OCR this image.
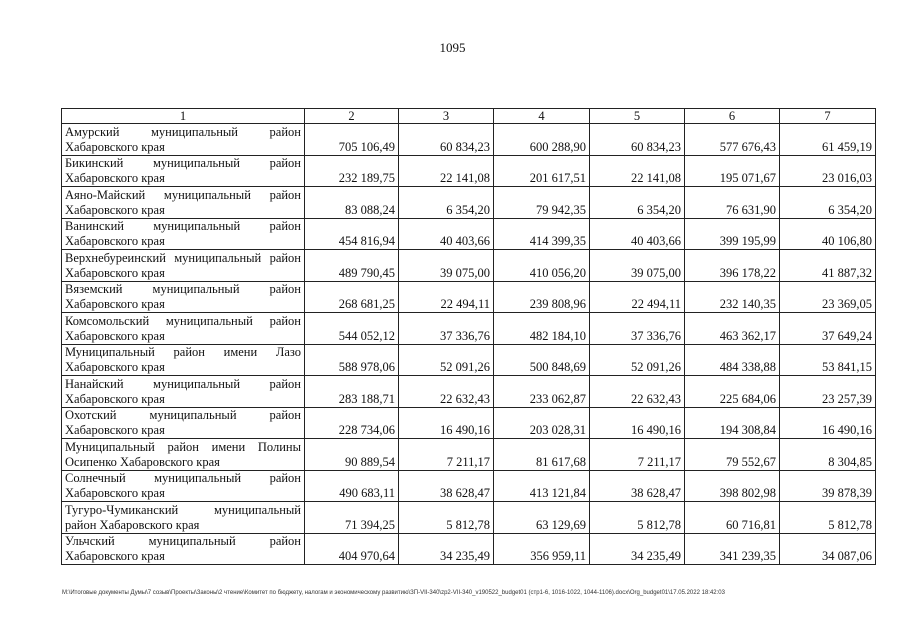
1095
1	2	3	4	5	6	7
Амурский муниципальный район Хабаровского края	705 106,49	60 834,23	600 288,90	60 834,23	577 676,43	61 459,19
Бикинский муниципальный район Хабаровского края	232 189,75	22 141,08	201 617,51	22 141,08	195 071,67	23 016,03
Аяно-Майский муниципальный район Хабаровского края	83 088,24	6 354,20	79 942,35	6 354,20	76 631,90	6 354,20
Ванинский муниципальный район Хабаровского края	454 816,94	40 403,66	414 399,35	40 403,66	399 195,99	40 106,80
Верхнебуреинский муниципальный район Хабаровского края	489 790,45	39 075,00	410 056,20	39 075,00	396 178,22	41 887,32
Вяземский муниципальный район Хабаровского края	268 681,25	22 494,11	239 808,96	22 494,11	232 140,35	23 369,05
Комсомольский муниципальный район Хабаровского края	544 052,12	37 336,76	482 184,10	37 336,76	463 362,17	37 649,24
Муниципальный район имени Лазо Хабаровского края	588 978,06	52 091,26	500 848,69	52 091,26	484 338,88	53 841,15
Нанайский муниципальный район Хабаровского края	283 188,71	22 632,43	233 062,87	22 632,43	225 684,06	23 257,39
Охотский муниципальный район Хабаровского края	228 734,06	16 490,16	203 028,31	16 490,16	194 308,84	16 490,16
Муниципальный район имени Полины Осипенко Хабаровского края	90 889,54	7 211,17	81 617,68	7 211,17	79 552,67	8 304,85
Солнечный муниципальный район Хабаровского края	490 683,11	38 628,47	413 121,84	38 628,47	398 802,98	39 878,39
Тугуро-Чумиканский муниципальный район Хабаровского края	71 394,25	5 812,78	63 129,69	5 812,78	60 716,81	5 812,78
Ульчский муниципальный район Хабаровского края	404 970,64	34 235,49	356 959,11	34 235,49	341 239,35	34 087,06
M:\Итоговые документы Думы\7 созыв\Проекты\Законы\2 чтение\Комитет по бюджету, налогам и экономическому развитию\ЗП-VII-340\zp2-VII-340_v190522_budget01 (стр1-6, 1016-1022, 1044-1106).docx\Org_budget01\17.05.2022 18:42:03
